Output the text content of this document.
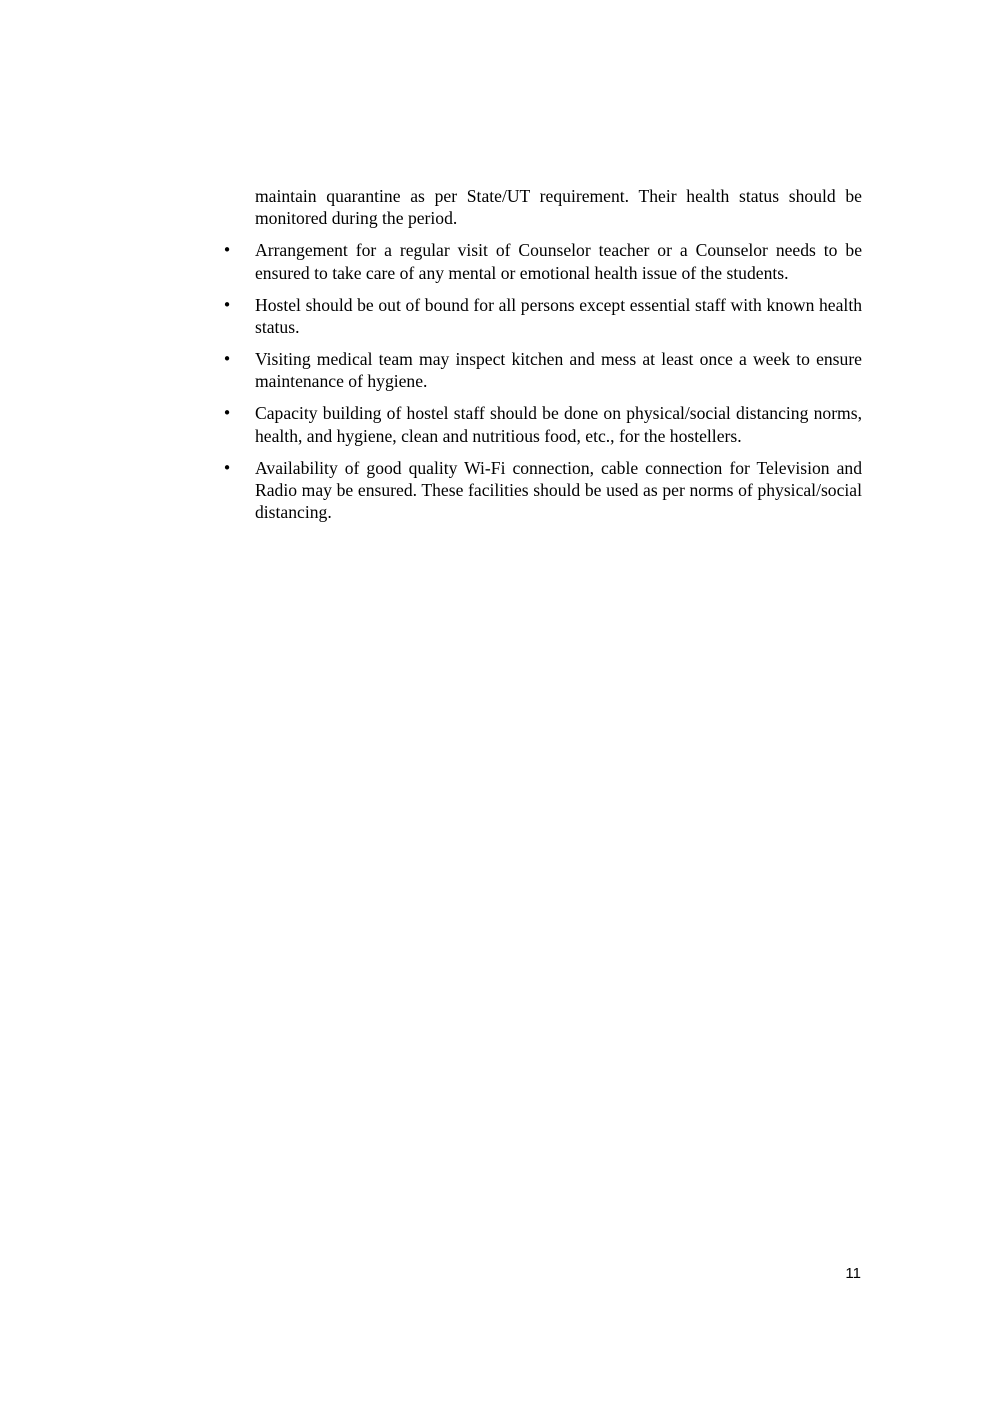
maintain quarantine as per State/UT requirement. Their health status should be monitored during the period.

• Arrangement for a regular visit of Counselor teacher or a Counselor needs to be ensured to take care of any mental or emotional health issue of the students.
• Hostel should be out of bound for all persons except essential staff with known health status.
• Visiting medical team may inspect kitchen and mess at least once a week to ensure maintenance of hygiene.
• Capacity building of hostel staff should be done on physical/social distancing norms, health, and hygiene, clean and nutritious food, etc., for the hostellers.
• Availability of good quality Wi-Fi connection, cable connection for Television and Radio may be ensured. These facilities should be used as per norms of physical/social distancing.
11
